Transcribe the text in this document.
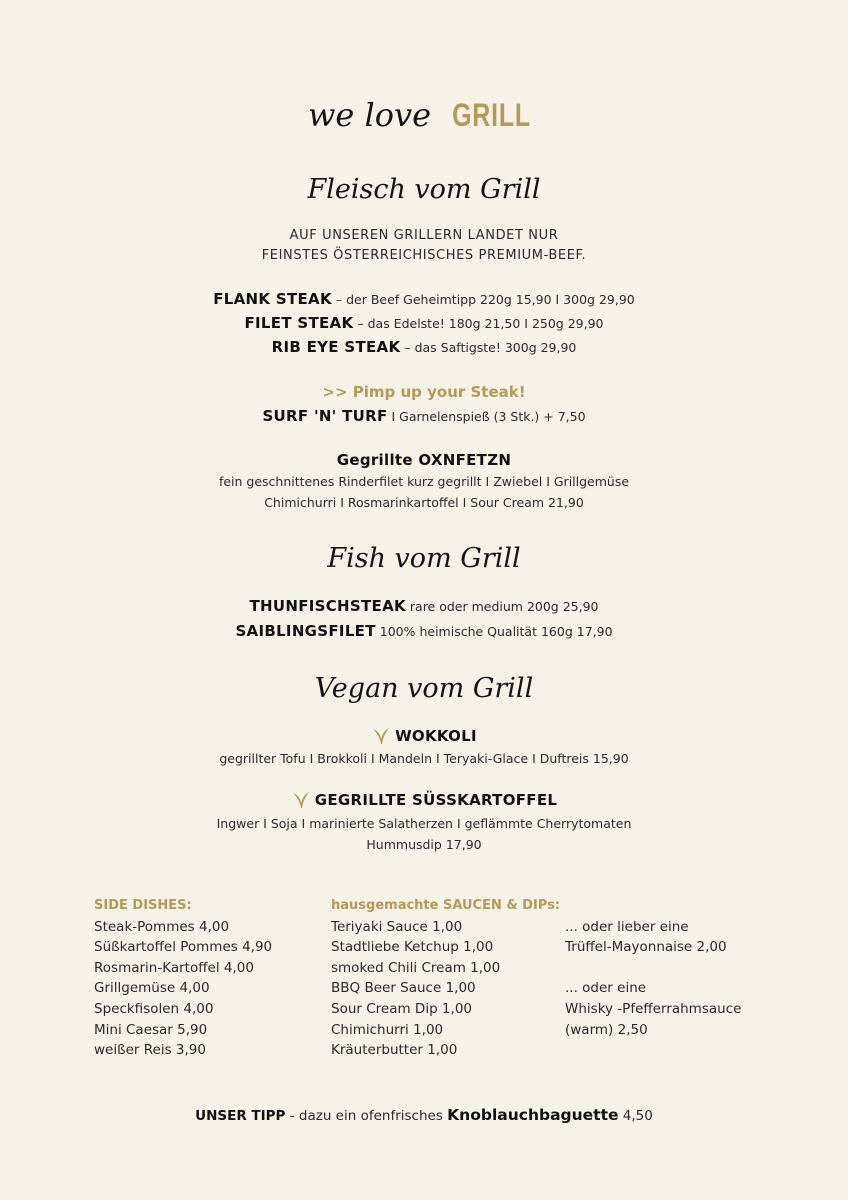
we love GRILL
Fleisch vom Grill
AUF UNSEREN GRILLERN LANDET NUR
FEINSTES ÖSTERREICHISCHES PREMIUM-BEEF.
FLANK STEAK – der Beef Geheimtipp 220g 15,90 I 300g 29,90
FILET STEAK – das Edelste! 180g 21,50 I 250g 29,90
RIB EYE STEAK – das Saftigste! 300g 29,90
>> Pimp up your Steak!
SURF 'N' TURF I Garnelenspieß (3 Stk.) + 7,50
Gegrillte OXNFETZN
fein geschnittenes Rinderfilet kurz gegrillt I Zwiebel I Grillgemüse
Chimichurri I Rosmarinkartoffel I Sour Cream 21,90
Fish vom Grill
THUNFISCHSTEAK rare oder medium 200g 25,90
SAIBLINGSFILET 100% heimische Qualität 160g 17,90
Vegan vom Grill
WOKKOLI
gegrillter Tofu I Brokkoli I Mandeln I Teryaki-Glace I Duftreis 15,90
GEGRILLTE SÜSSKARTOFFEL
Ingwer I Soja I marinierte Salatherzen I geflämmte Cherrytomaten
Hummusdip 17,90
SIDE DISHES:
Steak-Pommes 4,00
Süßkartoffel Pommes 4,90
Rosmarin-Kartoffel 4,00
Grillgemüse 4,00
Speckfisolen 4,00
Mini Caesar 5,90
weißer Reis 3,90
hausgemachte SAUCEN & DIPs:
Teriyaki Sauce 1,00
Stadtliebe Ketchup 1,00
smoked Chili Cream 1,00
BBQ Beer Sauce 1,00
Sour Cream Dip 1,00
Chimichurri 1,00
Kräuterbutter 1,00
... oder lieber eine
Trüffel-Mayonnaise 2,00
... oder eine
Whisky -Pfefferrahmsauce
(warm) 2,50
UNSER TIPP - dazu ein ofenfrisches Knoblauchbaguette 4,50
